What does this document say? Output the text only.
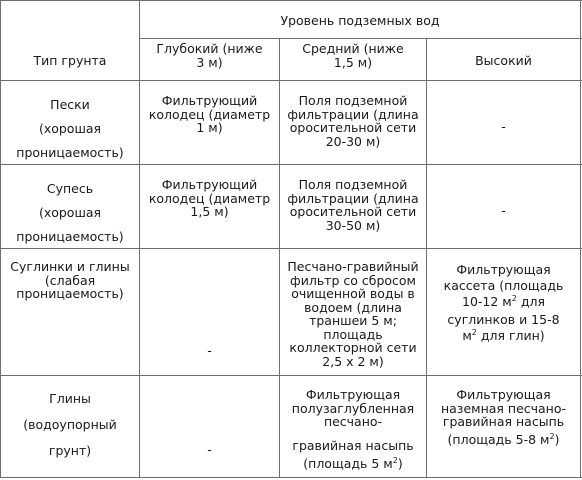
Уровень подземных вод
Тип грунта
Глубокий (ниже
3 м)
Средний (ниже
1,5 м)	Высокий
Пески
(хорошая
проницаемость)
Фильтрующий
колодец (диаметр
1 м)
Поля подземной
фильтрации (длина
оросительной сети
20-30 м)
-
Супесь
(хорошая
проницаемость)
Фильтрующий
колодец (диаметр
1,5 м)
Поля подземной
фильтрации (длина
оросительной сети
30-50 м)
-
Суглинки и глины
(слабая
проницаемость)
-
Песчано-гравийный
фильтр со сбросом
очищенной воды в
водоем (длина
траншеи 5 м;
площадь
коллекторной сети
2,5 x 2 м)
Фильтрующая
кассета (площадь
10-12 $м^2$ для
суглинков и 15-8
$м^2$ для глин)
Глины
(водоупорный
грунт)	-
Фильтрующая
полузаглубленная
песчано-
гравийная насыпь
(площадь 5 $м^2$)
Фильтрующая
наземная песчано-
гравийная насыпь
(площадь 5-8 $м^2$)
